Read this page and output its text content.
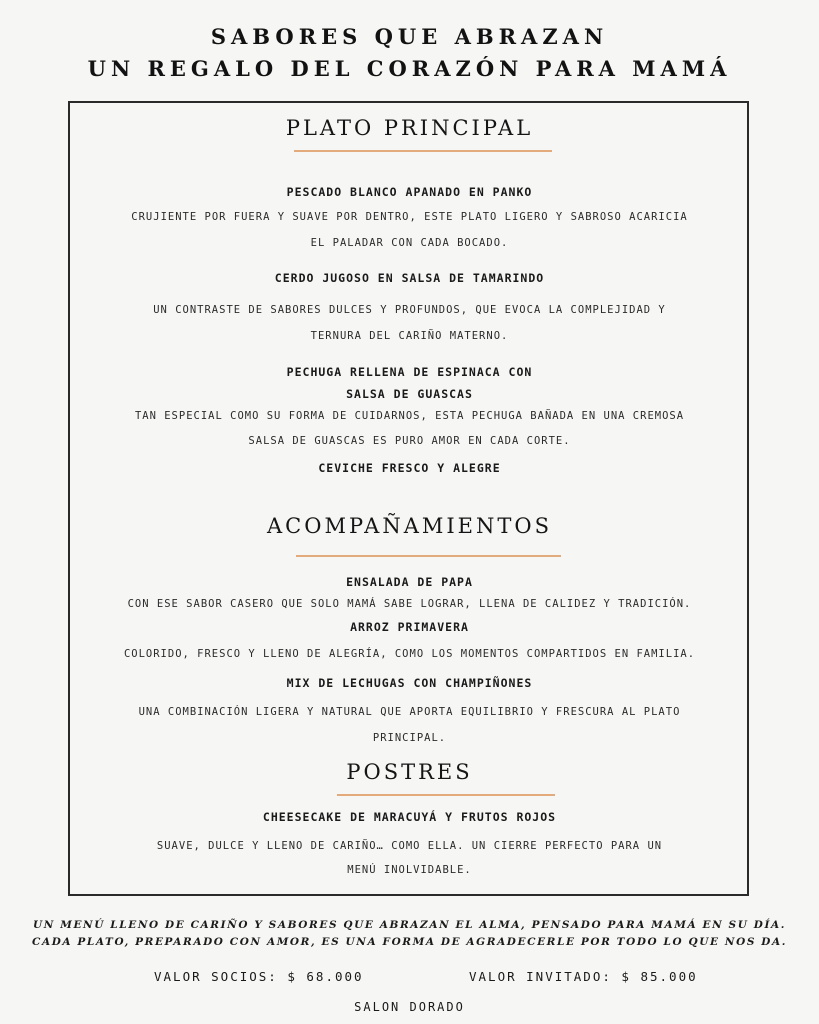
SABORES QUE ABRAZAN
UN REGALO DEL CORAZÓN PARA MAMÁ
PLATO PRINCIPAL
PESCADO BLANCO APANADO EN PANKO
CRUJIENTE POR FUERA Y SUAVE POR DENTRO, ESTE PLATO LIGERO Y SABROSO ACARICIA
EL PALADAR CON CADA BOCADO.
CERDO JUGOSO EN SALSA DE TAMARINDO
UN CONTRASTE DE SABORES DULCES Y PROFUNDOS, QUE EVOCA LA COMPLEJIDAD Y
TERNURA DEL CARIÑO MATERNO.
PECHUGA RELLENA DE ESPINACA CON
SALSA DE GUASCAS
TAN ESPECIAL COMO SU FORMA DE CUIDARNOS, ESTA PECHUGA BAÑADA EN UNA CREMOSA
SALSA DE GUASCAS ES PURO AMOR EN CADA CORTE.
CEVICHE FRESCO Y ALEGRE
ACOMPAÑAMIENTOS
ENSALADA DE PAPA
CON ESE SABOR CASERO QUE SOLO MAMÁ SABE LOGRAR, LLENA DE CALIDEZ Y TRADICIÓN.
ARROZ PRIMAVERA
COLORIDO, FRESCO Y LLENO DE ALEGRÍA, COMO LOS MOMENTOS COMPARTIDOS EN FAMILIA.
MIX DE LECHUGAS CON CHAMPIÑONES
UNA COMBINACIÓN LIGERA Y NATURAL QUE APORTA EQUILIBRIO Y FRESCURA AL PLATO
PRINCIPAL.
POSTRES
CHEESECAKE DE MARACUYÁ Y FRUTOS ROJOS
SUAVE, DULCE Y LLENO DE CARIÑO… COMO ELLA. UN CIERRE PERFECTO PARA UN
MENÚ INOLVIDABLE.
UN MENÚ LLENO DE CARIÑO Y SABORES QUE ABRAZAN EL ALMA, PENSADO PARA MAMÁ EN SU DÍA.
CADA PLATO, PREPARADO CON AMOR, ES UNA FORMA DE AGRADECERLE POR TODO LO QUE NOS DA.
VALOR SOCIOS: $ 68.000	VALOR INVITADO: $ 85.000
SALON DORADO
